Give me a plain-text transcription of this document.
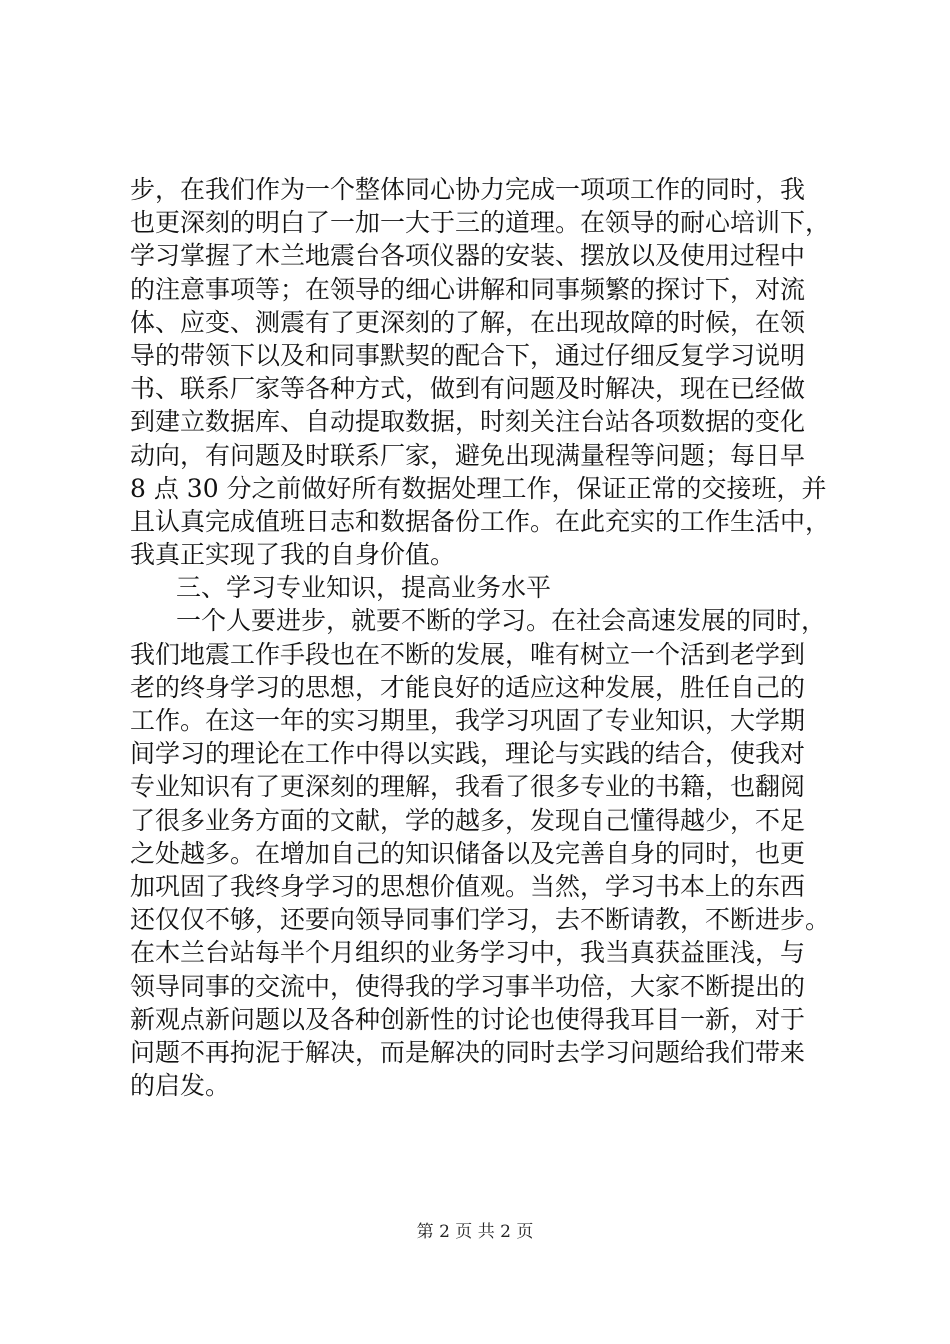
步，在我们作为一个整体同心协力完成一项项工作的同时，我
也更深刻的明白了一加一大于三的道理。在领导的耐心培训下，
学习掌握了木兰地震台各项仪器的安装、摆放以及使用过程中
的注意事项等；在领导的细心讲解和同事频繁的探讨下，对流
体、应变、测震有了更深刻的了解，在出现故障的时候，在领
导的带领下以及和同事默契的配合下，通过仔细反复学习说明
书、联系厂家等各种方式，做到有问题及时解决，现在已经做
到建立数据库、自动提取数据，时刻关注台站各项数据的变化
动向，有问题及时联系厂家，避免出现满量程等问题；每日早
8 点 30 分之前做好所有数据处理工作，保证正常的交接班，并
且认真完成值班日志和数据备份工作。在此充实的工作生活中，
我真正实现了我的自身价值。
三、学习专业知识，提高业务水平
一个人要进步，就要不断的学习。在社会高速发展的同时，
我们地震工作手段也在不断的发展，唯有树立一个活到老学到
老的终身学习的思想，才能良好的适应这种发展，胜任自己的
工作。在这一年的实习期里，我学习巩固了专业知识，大学期
间学习的理论在工作中得以实践，理论与实践的结合，使我对
专业知识有了更深刻的理解，我看了很多专业的书籍，也翻阅
了很多业务方面的文献，学的越多，发现自己懂得越少，不足
之处越多。在增加自己的知识储备以及完善自身的同时，也更
加巩固了我终身学习的思想价值观。当然，学习书本上的东西
还仅仅不够，还要向领导同事们学习，去不断请教，不断进步。
在木兰台站每半个月组织的业务学习中，我当真获益匪浅，与
领导同事的交流中，使得我的学习事半功倍，大家不断提出的
新观点新问题以及各种创新性的讨论也使得我耳目一新，对于
问题不再拘泥于解决，而是解决的同时去学习问题给我们带来
的启发。
第 2 页 共 2 页
